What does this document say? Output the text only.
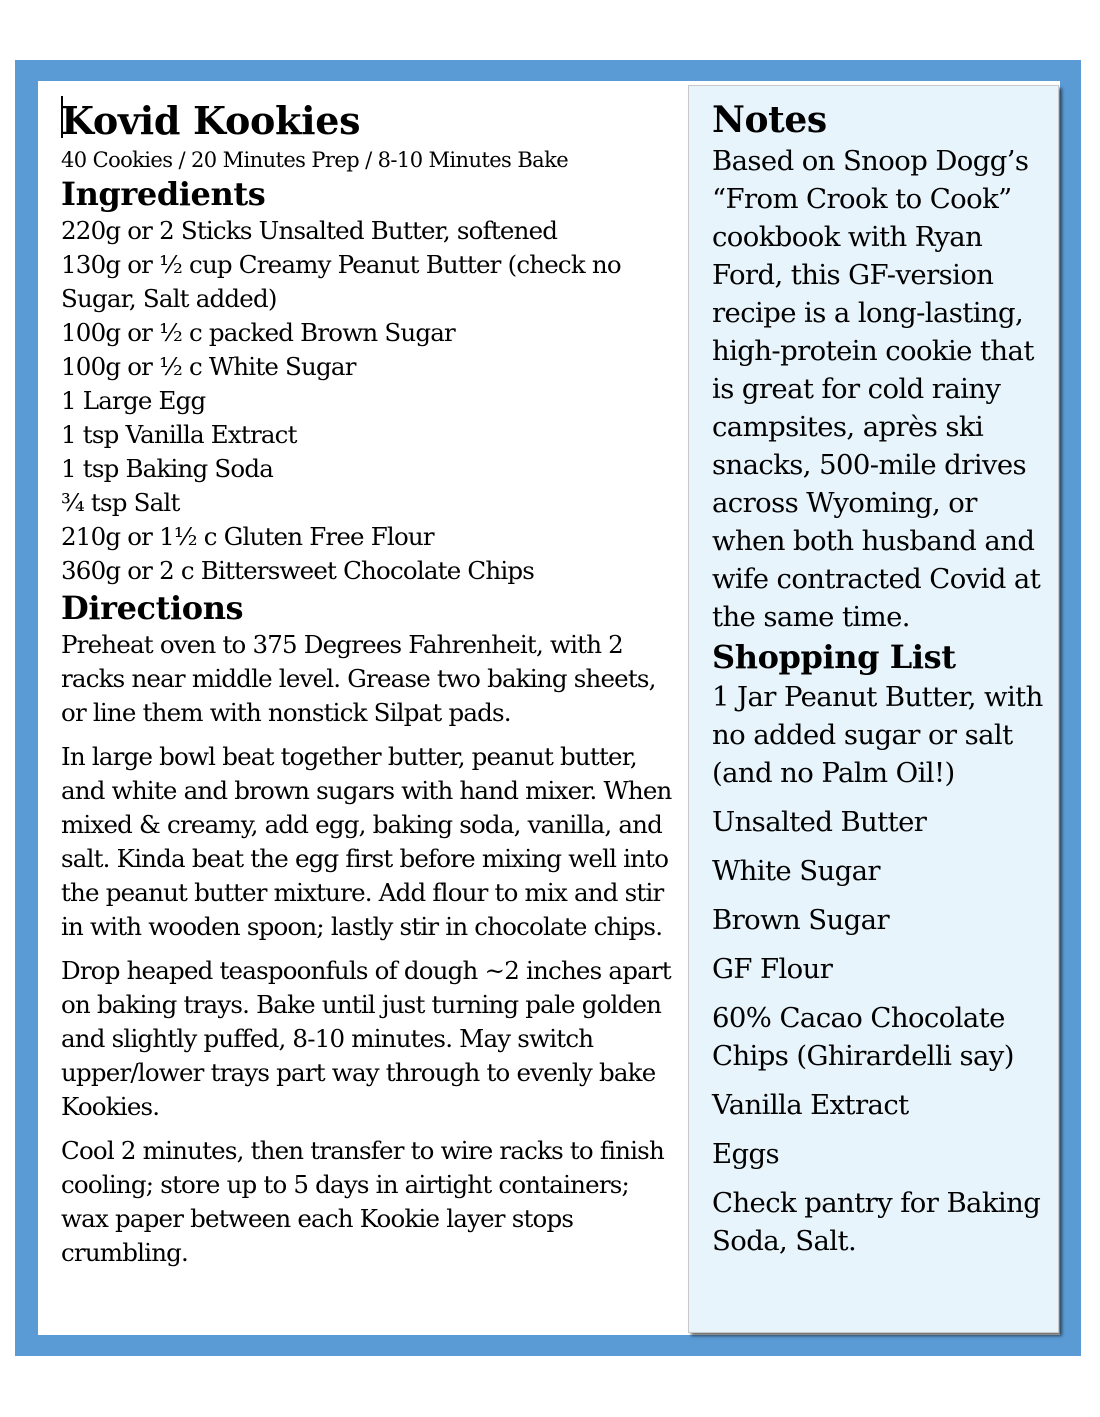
Kovid Kookies

40 Cookies / 20 Minutes Prep / 8-10 Minutes Bake

Ingredients
220g or 2 Sticks Unsalted Butter, softened
130g or ½ cup Creamy Peanut Butter (check no Sugar, Salt added)
100g or ½ c packed Brown Sugar
100g or ½ c White Sugar
1 Large Egg
1 tsp Vanilla Extract
1 tsp Baking Soda
¾ tsp Salt
210g or 1½ c Gluten Free Flour
360g or 2 c Bittersweet Chocolate Chips
Directions

Preheat oven to 375 Degrees Fahrenheit, with 2 racks near middle level. Grease two baking sheets, or line them with nonstick Silpat pads.

In large bowl beat together butter, peanut butter, and white and brown sugars with hand mixer. When mixed & creamy, add egg, baking soda, vanilla, and salt. Kinda beat the egg first before mixing well into the peanut butter mixture. Add flour to mix and stir in with wooden spoon; lastly stir in chocolate chips.

Drop heaped teaspoonfuls of dough ~2 inches apart on baking trays. Bake until just turning pale golden and slightly puffed, 8-10 minutes. May switch upper/lower trays part way through to evenly bake Kookies.

Cool 2 minutes, then transfer to wire racks to finish cooling; store up to 5 days in airtight containers; wax paper between each Kookie layer stops crumbling.

Notes

Based on Snoop Dogg’s “From Crook to Cook” cookbook with Ryan Ford, this GF-version recipe is a long-lasting, high-protein cookie that is great for cold rainy campsites, après ski snacks, 500-mile drives across Wyoming, or when both husband and wife contracted Covid at the same time.

Shopping List
1 Jar Peanut Butter, with no added sugar or salt (and no Palm Oil!)
Unsalted Butter
White Sugar
Brown Sugar
GF Flour
60% Cacao Chocolate Chips (Ghirardelli say)
Vanilla Extract
Eggs
Check pantry for Baking Soda, Salt.
